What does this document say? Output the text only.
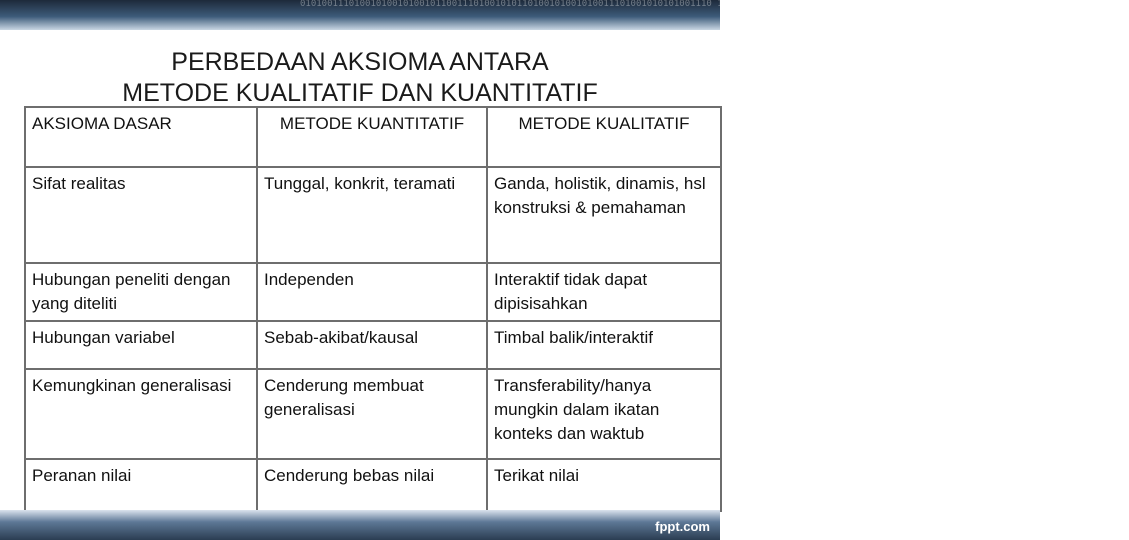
0101001110100101001010010110011101001010110100101001010011101001010101001110 1001010010100101100111010010101101001010010100111010010101010011101001010010
PERBEDAAN AKSIOMA ANTARA
METODE KUALITATIF DAN KUANTITATIF
AKSIOMA DASAR	METODE KUANTITATIF	METODE KUALITATIF
Sifat realitas	Tunggal, konkrit, teramati	Ganda, holistik, dinamis, hsl konstruksi & pemahaman
Hubungan peneliti dengan yang diteliti	Independen	Interaktif tidak dapat dipisisahkan
Hubungan variabel	Sebab-akibat/kausal	Timbal balik/interaktif
Kemungkinan generalisasi	Cenderung membuat generalisasi	Transferability/hanya mungkin dalam ikatan konteks dan waktub
Peranan nilai	Cenderung bebas nilai	Terikat nilai
fppt.com
